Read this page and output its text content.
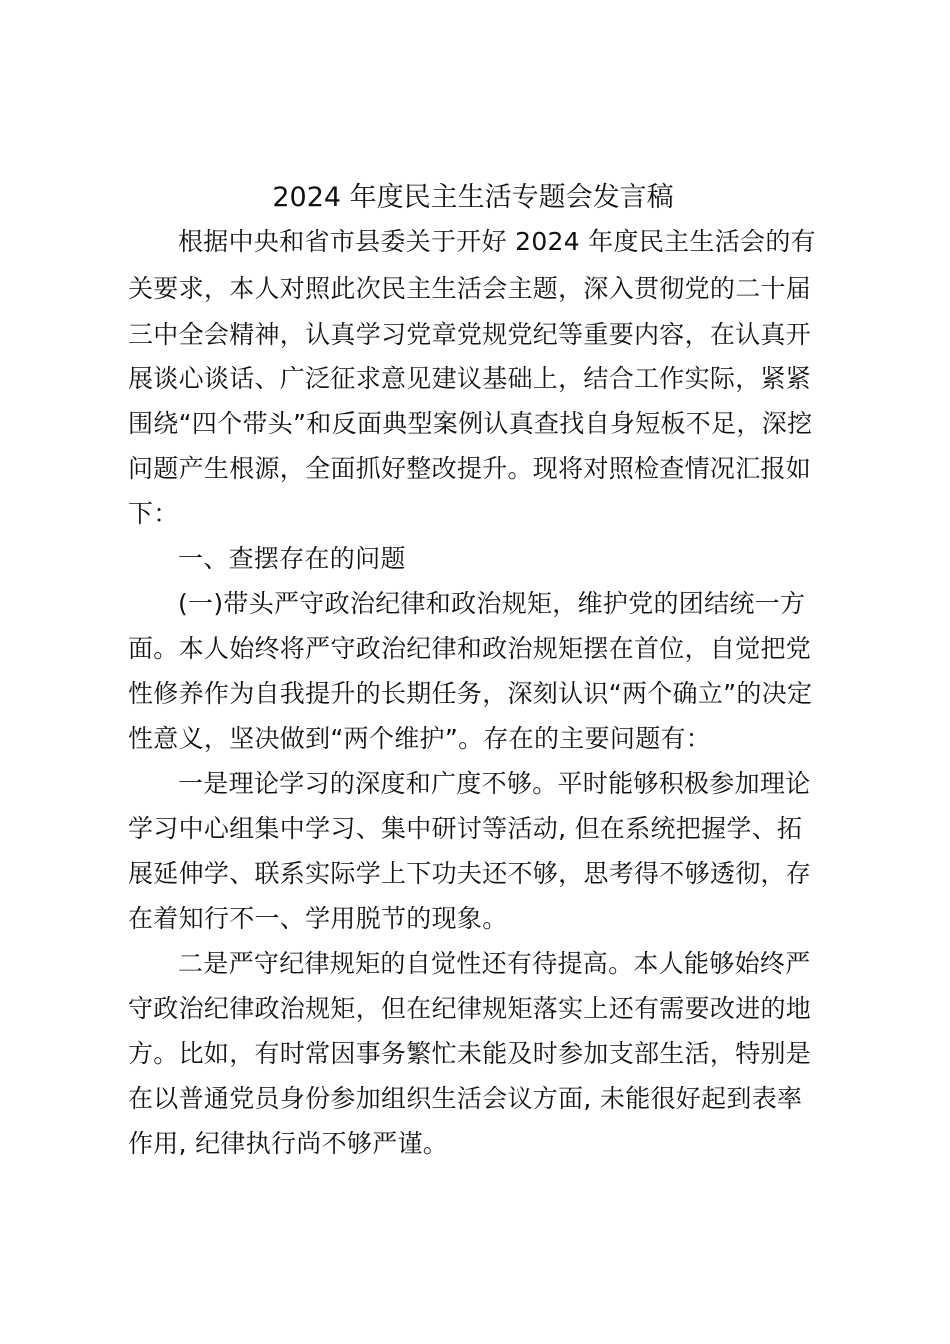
2024 年度民主生活专题会发言稿
根据中央和省市县委关于开好 2024 年度民主生活会的有
关要求，本人对照此次民主生活会主题，深入贯彻党的二十届
三中全会精神，认真学习党章党规党纪等重要内容，在认真开
展谈心谈话、广泛征求意见建议基础上，结合工作实际，紧紧
围绕“四个带头”和反面典型案例认真查找自身短板不足，深挖
问题产生根源，全面抓好整改提升。现将对照检查情况汇报如
下：
一、查摆存在的问题
(一)带头严守政治纪律和政治规矩，维护党的团结统一方
面。本人始终将严守政治纪律和政治规矩摆在首位，自觉把党
性修养作为自我提升的长期任务，深刻认识“两个确立”的决定
性意义，坚决做到“两个维护”。存在的主要问题有：
一是理论学习的深度和广度不够。平时能够积极参加理论
学习中心组集中学习、集中研讨等活动, 但在系统把握学、拓
展延伸学、联系实际学上下功夫还不够，思考得不够透彻，存
在着知行不一、学用脱节的现象。
二是严守纪律规矩的自觉性还有待提高。本人能够始终严
守政治纪律政治规矩，但在纪律规矩落实上还有需要改进的地
方。比如，有时常因事务繁忙未能及时参加支部生活，特别是
在以普通党员身份参加组织生活会议方面, 未能很好起到表率
作用, 纪律执行尚不够严谨。
